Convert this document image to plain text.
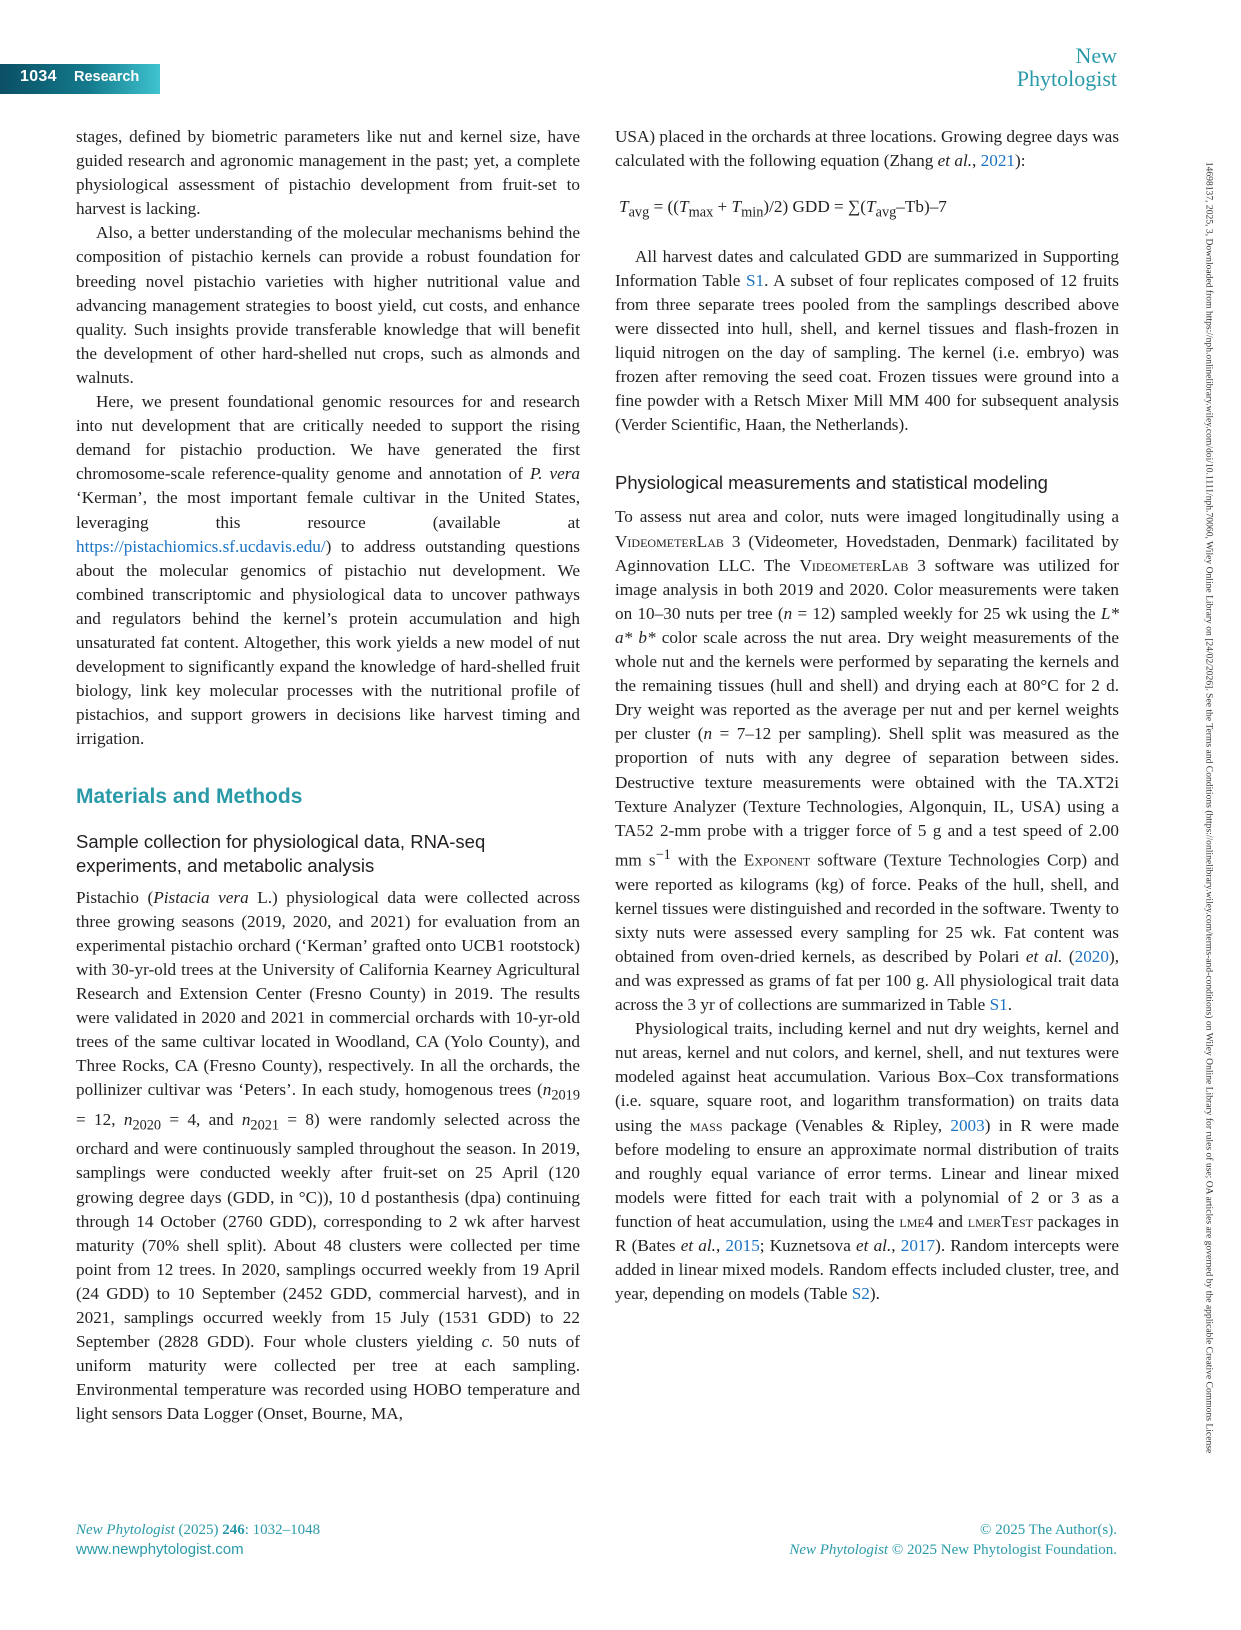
1034 Research
New
Phytologist
14698137, 2025, 3, Downloaded from https://nph.onlinelibrary.wiley.com/doi/10.1111/nph.70060, Wiley Online Library on [24/02/2026]. See the Terms and Conditions (https://onlinelibrary.wiley.com/terms-and-conditions) on Wiley Online Library for rules of use; OA articles are governed by the applicable Creative Commons License

stages, defined by biometric parameters like nut and kernel size, have guided research and agronomic management in the past; yet, a complete physiological assessment of pistachio development from fruit-set to harvest is lacking.

Also, a better understanding of the molecular mechanisms behind the composition of pistachio kernels can provide a robust foundation for breeding novel pistachio varieties with higher nutritional value and advancing management strategies to boost yield, cut costs, and enhance quality. Such insights provide transferable knowledge that will benefit the development of other hard-shelled nut crops, such as almonds and walnuts.

Here, we present foundational genomic resources for and research into nut development that are critically needed to support the rising demand for pistachio production. We have generated the first chromosome-scale reference-quality genome and annotation of P. vera ‘Kerman’, the most important female cultivar in the United States, leveraging this resource (available at https://pistachiomics.sf.ucdavis.edu/) to address outstanding questions about the molecular genomics of pistachio nut development. We combined transcriptomic and physiological data to uncover pathways and regulators behind the kernel’s protein accumulation and high unsaturated fat content. Altogether, this work yields a new model of nut development to significantly expand the knowledge of hard-shelled fruit biology, link key molecular processes with the nutritional profile of pistachios, and support growers in decisions like harvest timing and irrigation.

Materials and Methods
Sample collection for physiological data, RNA-seq experiments, and metabolic analysis

Pistachio (Pistacia vera L.) physiological data were collected across three growing seasons (2019, 2020, and 2021) for evaluation from an experimental pistachio orchard (‘Kerman’ grafted onto UCB1 rootstock) with 30-yr-old trees at the University of California Kearney Agricultural Research and Extension Center (Fresno County) in 2019. The results were validated in 2020 and 2021 in commercial orchards with 10-yr-old trees of the same cultivar located in Woodland, CA (Yolo County), and Three Rocks, CA (Fresno County), respectively. In all the orchards, the pollinizer cultivar was ‘Peters’. In each study, homogenous trees ($n_{2019} = 12$, $n_{2020} = 4$, and $n_{2021} = 8$) were randomly selected across the orchard and were continuously sampled throughout the season. In 2019, samplings were conducted weekly after fruit-set on 25 April (120 growing degree days (GDD, in °C)), 10 d postanthesis (dpa) continuing through 14 October (2760 GDD), corresponding to 2 wk after harvest maturity (70% shell split). About 48 clusters were collected per time point from 12 trees. In 2020, samplings occurred weekly from 19 April (24 GDD) to 10 September (2452 GDD, commercial harvest), and in 2021, samplings occurred weekly from 15 July (1531 GDD) to 22 September (2828 GDD). Four whole clusters yielding c. 50 nuts of uniform maturity were collected per tree at each sampling. Environmental temperature was recorded using HOBO temperature and light sensors Data Logger (Onset, Bourne, MA,

USA) placed in the orchards at three locations. Growing degree days was calculated with the following equation (Zhang et al., 2021):

$T_{avg} = ((T_{max} + T_{min})/2)$ GDD = $\sum(T_{avg}-Tb)-7$

All harvest dates and calculated GDD are summarized in Supporting Information Table S1. A subset of four replicates composed of 12 fruits from three separate trees pooled from the samplings described above were dissected into hull, shell, and kernel tissues and flash-frozen in liquid nitrogen on the day of sampling. The kernel (i.e. embryo) was frozen after removing the seed coat. Frozen tissues were ground into a fine powder with a Retsch Mixer Mill MM 400 for subsequent analysis (Verder Scientific, Haan, the Netherlands).

Physiological measurements and statistical modeling

To assess nut area and color, nuts were imaged longitudinally using a VideometerLab 3 (Videometer, Hovedstaden, Denmark) facilitated by Aginnovation LLC. The VideometerLab 3 software was utilized for image analysis in both 2019 and 2020. Color measurements were taken on 10–30 nuts per tree (n = 12) sampled weekly for 25 wk using the L* a* b* color scale across the nut area. Dry weight measurements of the whole nut and the kernels were performed by separating the kernels and the remaining tissues (hull and shell) and drying each at 80°C for 2 d. Dry weight was reported as the average per nut and per kernel weights per cluster (n = 7–12 per sampling). Shell split was measured as the proportion of nuts with any degree of separation between sides. Destructive texture measurements were obtained with the TA.XT2i Texture Analyzer (Texture Technologies, Algonquin, IL, USA) using a TA52 2-mm probe with a trigger force of 5 g and a test speed of 2.00 mm $s^{-1}$ with the Exponent software (Texture Technologies Corp) and were reported as kilograms (kg) of force. Peaks of the hull, shell, and kernel tissues were distinguished and recorded in the software. Twenty to sixty nuts were assessed every sampling for 25 wk. Fat content was obtained from oven-dried kernels, as described by Polari et al. (2020), and was expressed as grams of fat per 100 g. All physiological trait data across the 3 yr of collections are summarized in Table S1.

Physiological traits, including kernel and nut dry weights, kernel and nut areas, kernel and nut colors, and kernel, shell, and nut textures were modeled against heat accumulation. Various Box–Cox transformations (i.e. square, square root, and logarithm transformation) on traits data using the mass package (Venables & Ripley, 2003) in R were made before modeling to ensure an approximate normal distribution of traits and roughly equal variance of error terms. Linear and linear mixed models were fitted for each trait with a polynomial of 2 or 3 as a function of heat accumulation, using the lme4 and lmerTest packages in R (Bates et al., 2015; Kuznetsova et al., 2017). Random intercepts were added in linear mixed models. Random effects included cluster, tree, and year, depending on models (Table S2).

New Phytologist (2025) 246: 1032–1048
www.newphytologist.com
© 2025 The Author(s).
New Phytologist © 2025 New Phytologist Foundation.
